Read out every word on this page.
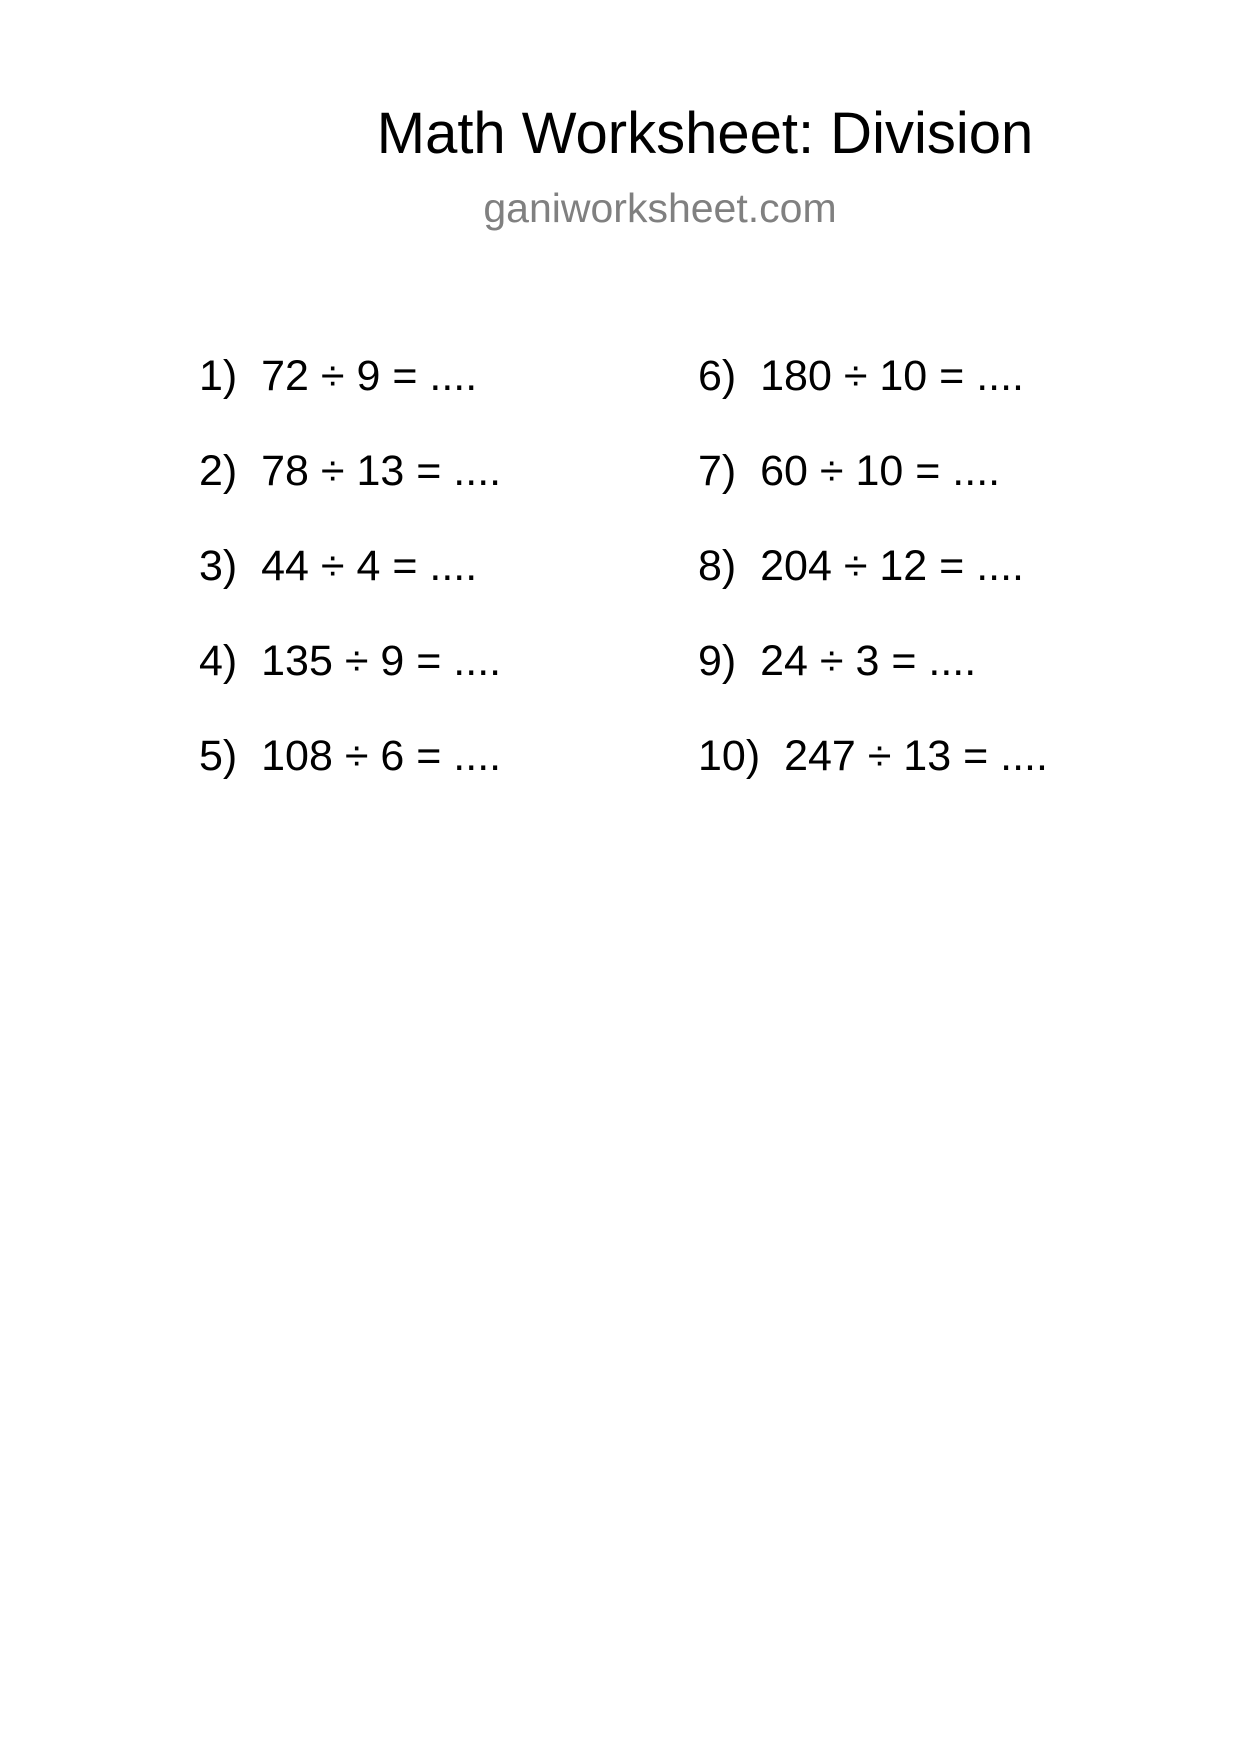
Math Worksheet: Division
ganiworksheet.com
1) 72 ÷ 9 = ....
2) 78 ÷ 13 = ....
3) 44 ÷ 4 = ....
4) 135 ÷ 9 = ....
5) 108 ÷ 6 = ....
6) 180 ÷ 10 = ....
7) 60 ÷ 10 = ....
8) 204 ÷ 12 = ....
9) 24 ÷ 3 = ....
10) 247 ÷ 13 = ....
